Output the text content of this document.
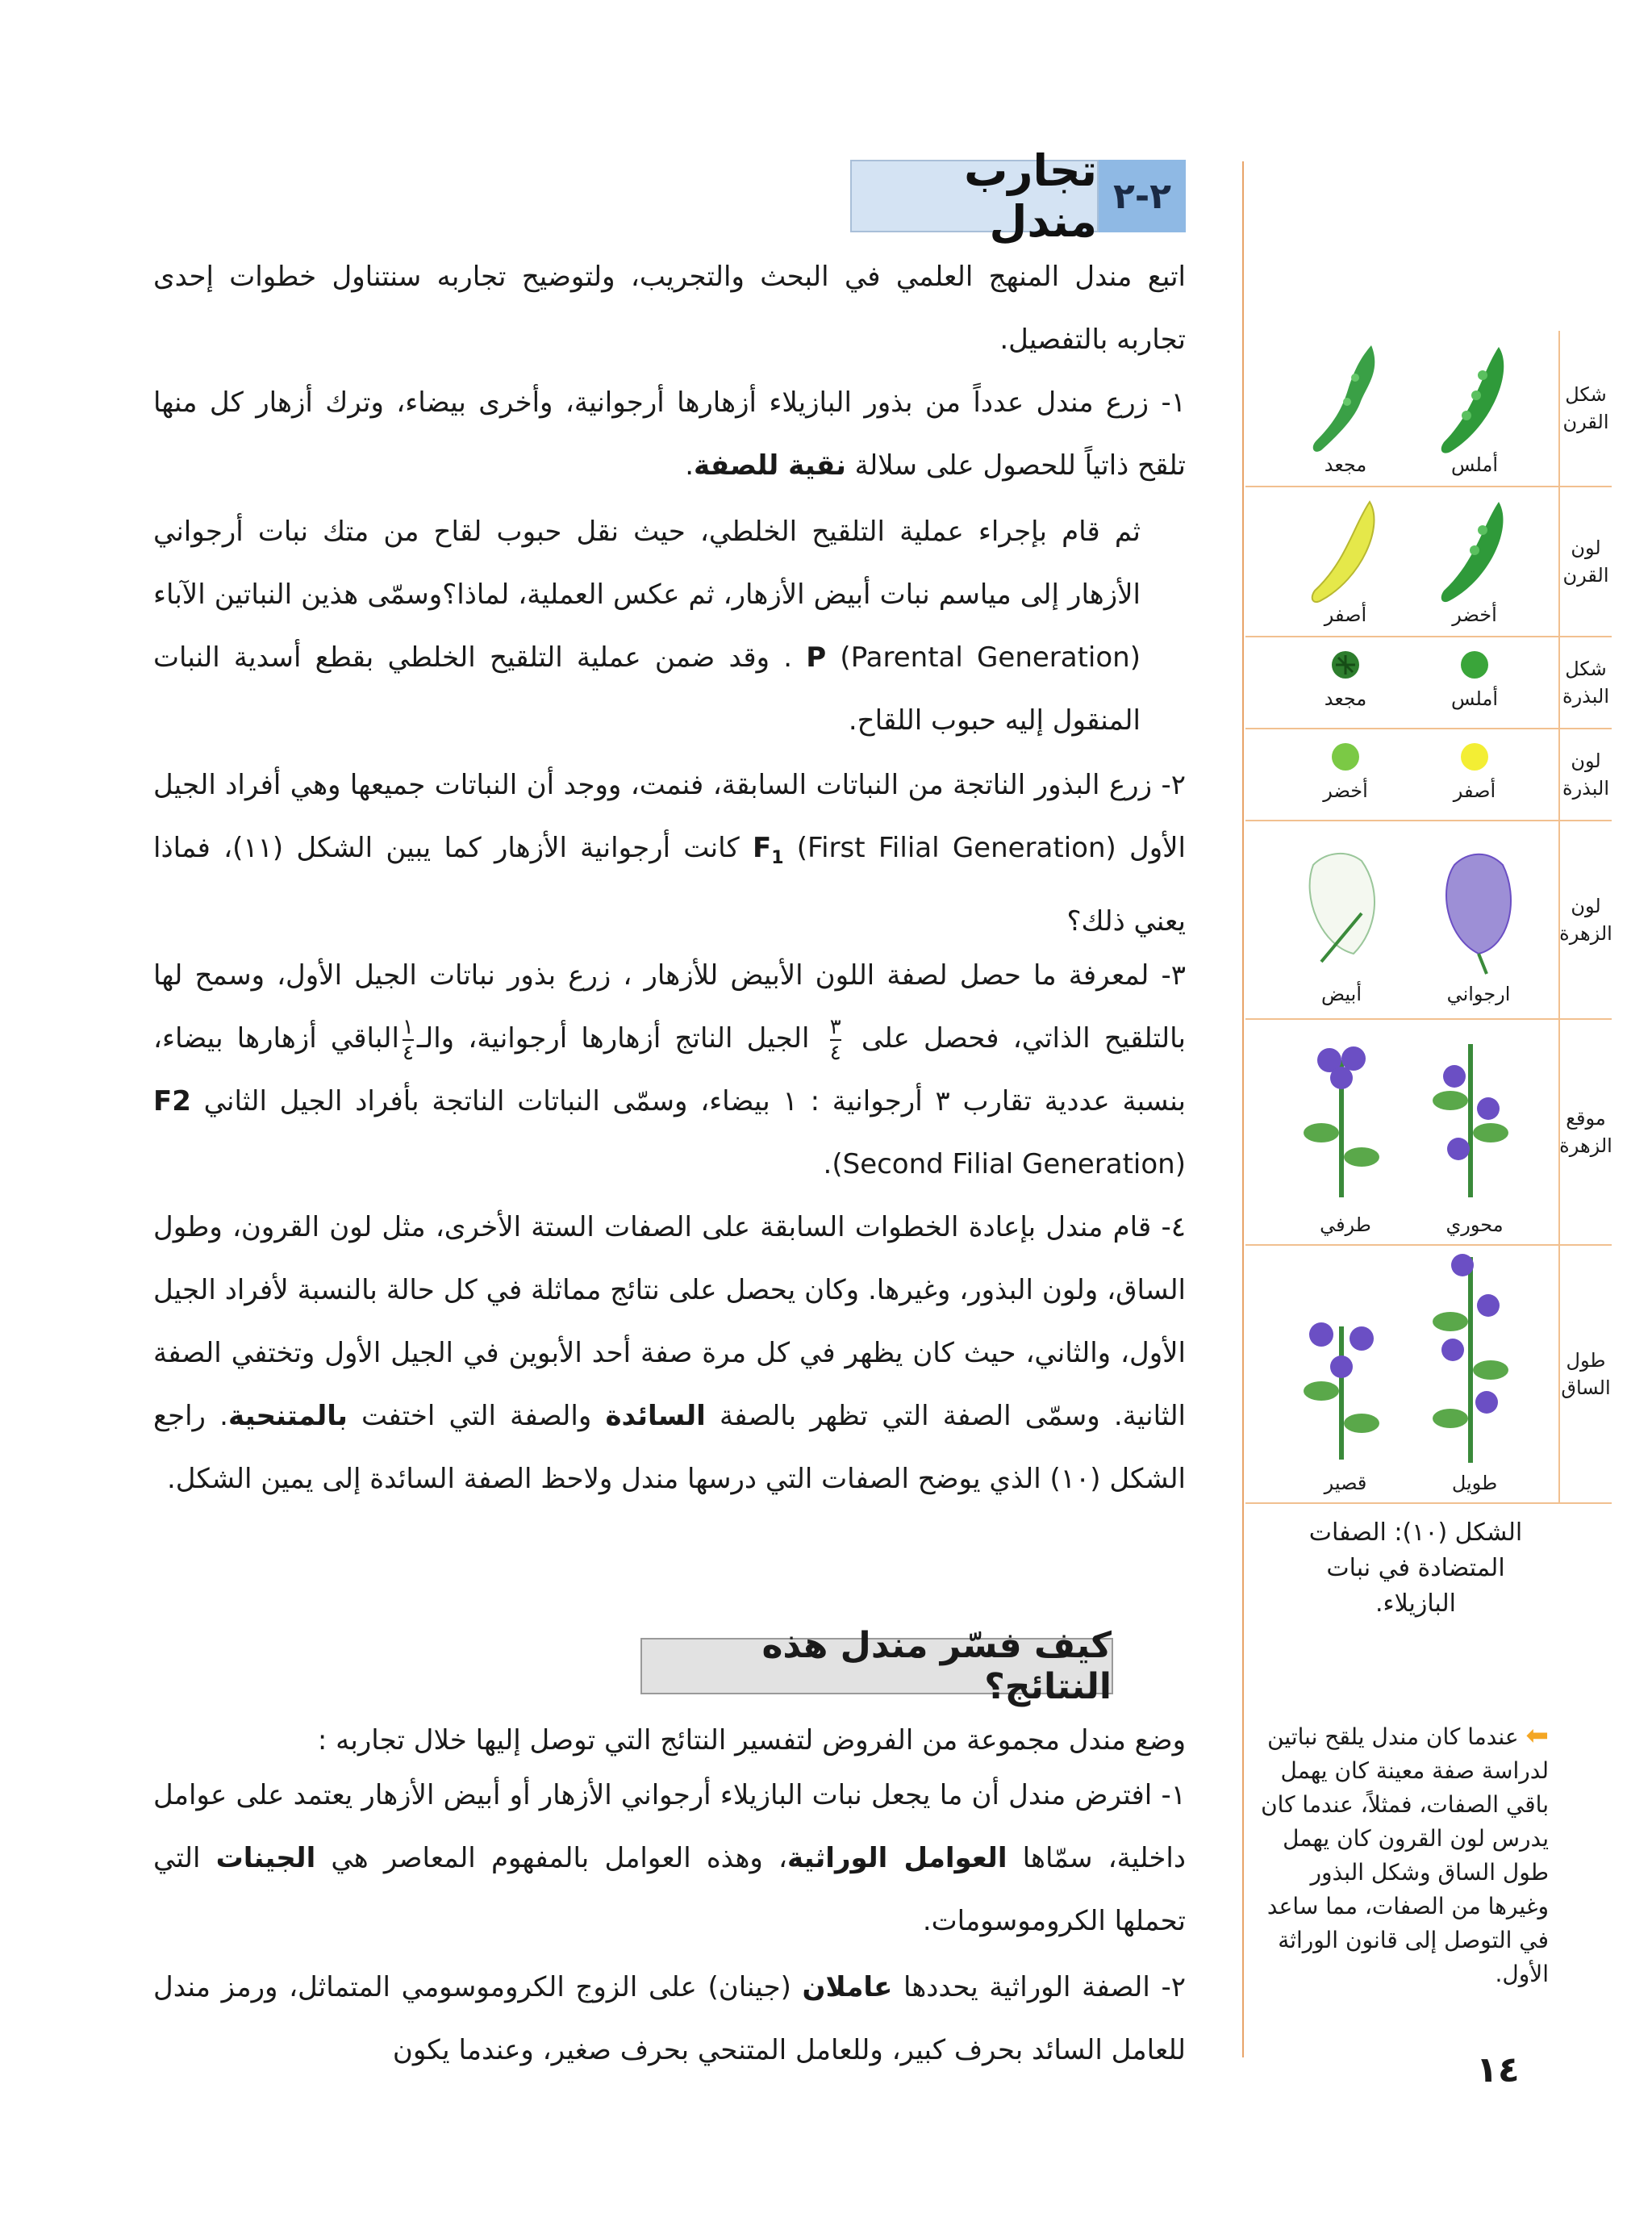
٢-٢
تجارب مندل
اتبع مندل المنهج العلمي في البحث والتجريب، ولتوضيح تجاربه سنتناول خطوات إحدى تجاربه بالتفصيل.
١- زرع مندل عدداً من بذور البازيلاء أزهارها أرجوانية، وأخرى بيضاء، وترك أزهار كل منها تلقح ذاتياً للحصول على سلالة نقية للصفة.
ثم قام بإجراء عملية التلقيح الخلطي، حيث نقل حبوب لقاح من متك نبات أرجواني الأزهار إلى مياسم نبات أبيض الأزهار، ثم عكس العملية، لماذا؟وسمّى هذين النباتين الآباء P (Parental Generation) . وقد ضمن عملية التلقيح الخلطي بقطع أسدية النبات المنقول إليه حبوب اللقاح.
٢- زرع البذور الناتجة من النباتات السابقة، فنمت، ووجد أن النباتات جميعها وهي أفراد الجيل الأول $F_1$ (First Filial Generation) كانت أرجوانية الأزهار كما يبين الشكل (١١)، فماذا يعني ذلك؟
٣- لمعرفة ما حصل لصفة اللون الأبيض للأزهار ، زرع بذور نباتات الجيل الأول، وسمح لها بالتلقيح الذاتي، فحصل على
٣
٤
الجيل الناتج أزهارها أرجوانية، والـ
١
٤
الباقي أزهارها بيضاء، بنسبة عددية تقارب ٣ أرجوانية : ١ بيضاء، وسمّى النباتات الناتجة بأفراد الجيل الثاني F2 (Second Filial Generation).
٤- قام مندل بإعادة الخطوات السابقة على الصفات الستة الأخرى، مثل لون القرون، وطول الساق، ولون البذور، وغيرها. وكان يحصل على نتائج مماثلة في كل حالة بالنسبة لأفراد الجيل الأول، والثاني، حيث كان يظهر في كل مرة صفة أحد الأبوين في الجيل الأول وتختفي الصفة الثانية. وسمّى الصفة التي تظهر بالصفة السائدة والصفة التي اختفت بالمتنحية. راجع الشكل (١٠) الذي يوضح الصفات التي درسها مندل ولاحظ الصفة السائدة إلى يمين الشكل.
كيف فسّر مندل هذه النتائج؟
وضع مندل مجموعة من الفروض لتفسير النتائج التي توصل إليها خلال تجاربه :
١- افترض مندل أن ما يجعل نبات البازيلاء أرجواني الأزهار أو أبيض الأزهار يعتمد على عوامل داخلية، سمّاها العوامل الوراثية، وهذه العوامل بالمفهوم المعاصر هي الجينات التي تحملها الكروموسومات.
٢- الصفة الوراثية يحددها عاملان (جينان) على الزوج الكروموسومي المتماثل، ورمز مندل للعامل السائد بحرف كبير، وللعامل المتنحي بحرف صغير، وعندما يكون
شكل القرن
أملس
مجعد
لون القرن
أخضر
أصفر
شكل البذرة
أملس
مجعد
لون البذرة
أصفر
أخضر
لون الزهرة
ارجواني
أبيض
موقع الزهرة
محوري
طرفي
طول الساق
طويل
قصير
الشكل (١٠): الصفات المتضادة في نبات البازيلاء.
⬅ عندما كان مندل يلقح نباتين لدراسة صفة معينة كان يهمل باقي الصفات، فمثلاً، عندما كان يدرس لون القرون كان يهمل طول الساق وشكل البذور وغيرها من الصفات، مما ساعد في التوصل إلى قانون الوراثة الأول.
١٤
